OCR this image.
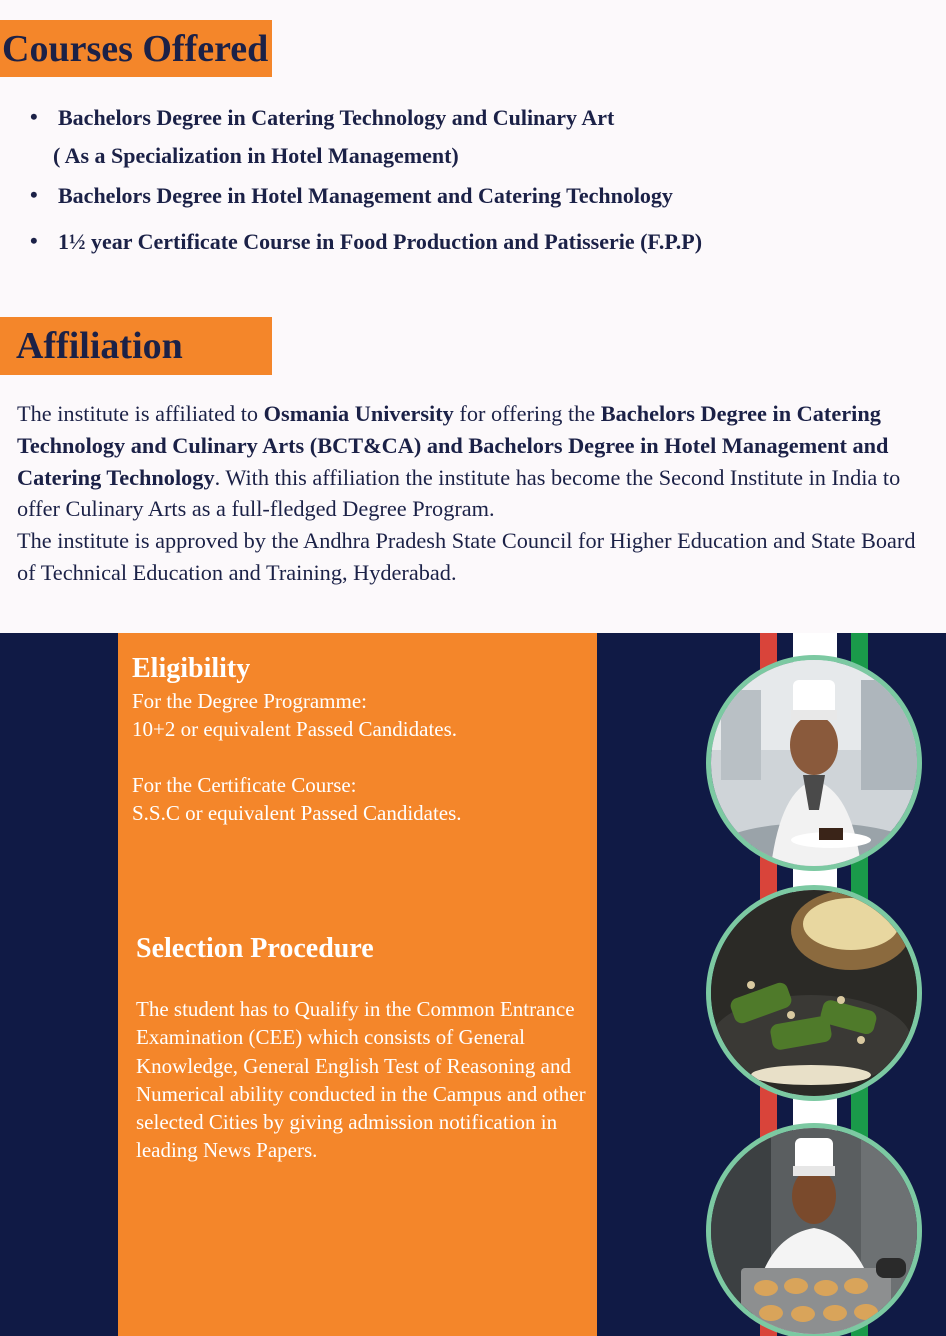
Courses Offered
• Bachelors Degree in Catering Technology and Culinary Art
( As a Specialization in Hotel Management)
• Bachelors Degree in Hotel Management and Catering Technology
• 1½ year Certificate Course in Food Production and Patisserie (F.P.P)
Affiliation

The institute is affiliated to Osmania University for offering the Bachelors Degree in Catering Technology and Culinary Arts (BCT&CA) and Bachelors Degree in Hotel Management and Catering Technology. With this affiliation the institute has become the Second Institute in India to offer Culinary Arts as a full-fledged Degree Program.

The institute is approved by the Andhra Pradesh State Council for Higher Education and State Board of Technical Education and Training, Hyderabad.

Eligibility
For the Degree Programme:
10+2 or equivalent Passed Candidates.

For the Certificate Course:
S.S.C or equivalent Passed Candidates.
Selection Procedure
The student has to Qualify in the Common Entrance Examination (CEE) which consists of General Knowledge, General English Test of Reasoning and Numerical ability conducted in the Campus and other selected Cities by giving admission notification in leading News Papers.
